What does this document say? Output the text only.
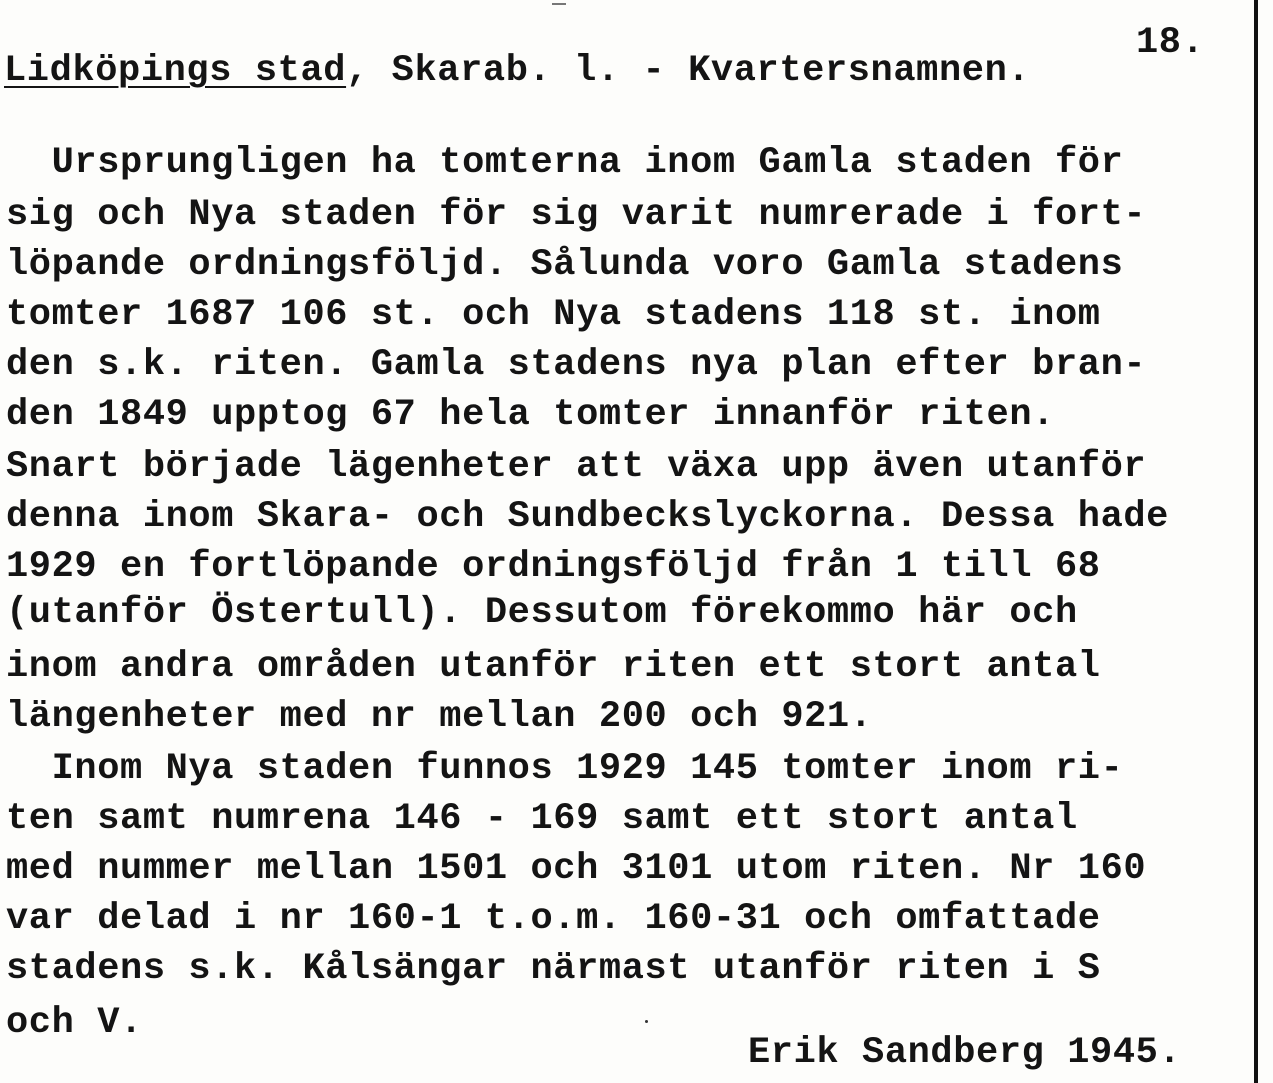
18.
Lidköpings stad, Skarab. l. - Kvartersnamnen.
Ursprungligen ha tomterna inom Gamla staden för
sig och Nya staden för sig varit numrerade i fort-
löpande ordningsföljd. Sålunda voro Gamla stadens
tomter 1687 106 st. och Nya stadens 118 st. inom
den s.k. riten. Gamla stadens nya plan efter bran-
den 1849 upptog 67 hela tomter innanför riten.
Snart började lägenheter att växa upp även utanför
denna inom Skara- och Sundbeckslyckorna. Dessa hade
1929 en fortlöpande ordningsföljd från 1 till 68
(utanför Östertull). Dessutom förekommo här och
inom andra områden utanför riten ett stort antal
längenheter med nr mellan 200 och 921.
Inom Nya staden funnos 1929 145 tomter inom ri-
ten samt numrena 146 - 169 samt ett stort antal
med nummer mellan 1501 och 3101 utom riten. Nr 160
var delad i nr 160-1 t.o.m. 160-31 och omfattade
stadens s.k. Kålsängar närmast utanför riten i S
och V.
Erik Sandberg 1945.
